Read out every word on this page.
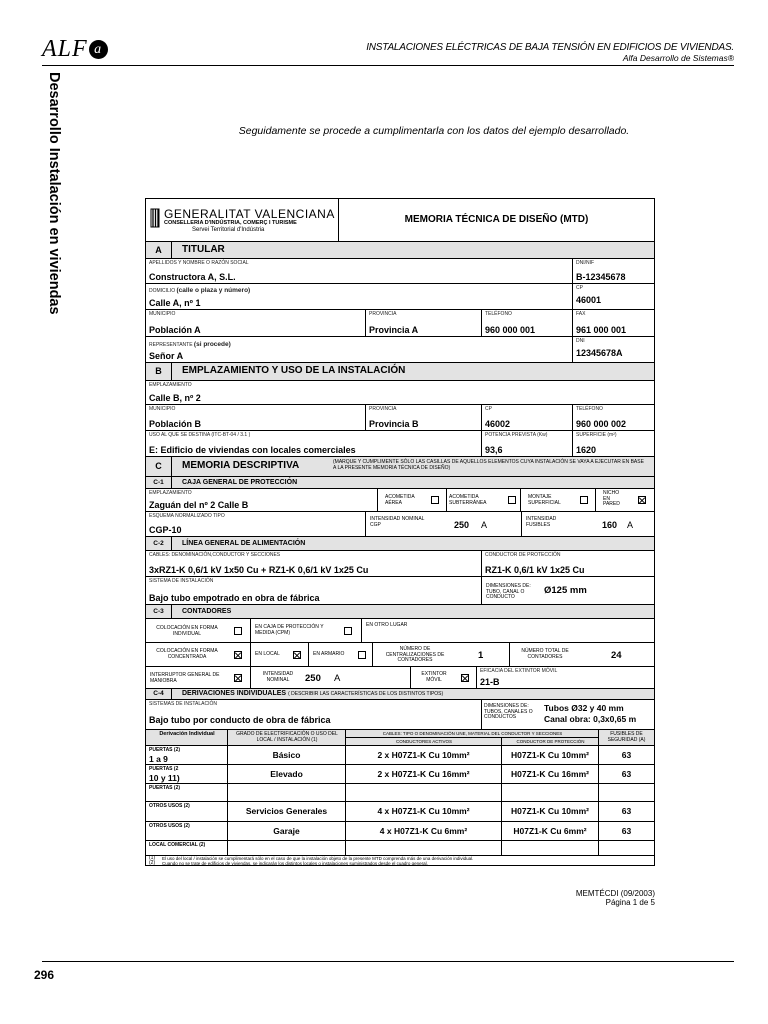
ALF a	INSTALACIONES ELÉCTRICAS DE BAJA TENSIÓN EN EDIFICIOS DE VIVIENDAS.
Alfa Desarrollo de Sistemas®
Desarrollo Instalación en viviendas	Seguidamente se procede a cumplimentarla con los datos del ejemplo desarrollado.
GENERALITAT VALENCIANA
CONSELLERIA D'INDÚSTRIA, COMERÇ I TURISME
Servei Territorial d'Indústria
MEMORIA TÉCNICA DE DISEÑO (MTD)
A	TITULAR
APELLIDOS Y NOMBRE O RAZÓN SOCIAL
Constructora A, S.L.
DNI/NIF
B-12345678
DOMICILIO (calle o plaza y número)
Calle A, nº 1
CP
46001
MUNICIPIO
Población A
PROVINCIA
Provincia A
TELÉFONO
960 000 001
FAX
961 000 001
REPRESENTANTE (si procede)
Señor A
DNI
12345678A
B	EMPLAZAMIENTO Y USO DE LA INSTALACIÓN
EMPLAZAMIENTO
Calle B, nº 2
MUNICIPIO
Población B
PROVINCIA
Provincia B
CP
46002
TELÉFONO
960 000 002
USO AL QUE SE DESTINA (ITC-BT-04 / 3.1 )
E: Edificio de viviendas con locales comerciales
POTENCIA PREVISTA (Kw)
93,6
SUPERFICIE (m²)
1620
C	MEMORIA DESCRIPTIVA	(MARQUE Y CUMPLIMENTE SÓLO LAS CASILLAS DE AQUELLOS ELEMENTOS CUYA INSTALACIÓN SE VAYA A EJECUTAR EN BASE A LA PRESENTE MEMORIA TÉCNICA DE DISEÑO)
C-1	CAJA GENERAL DE PROTECCIÓN
EMPLAZAMIENTO
Zaguán del nº 2 Calle B
ACOMETIDA AÉREA
ACOMETIDA SUBTERRÁNEA
MONTAJE SUPERFICIAL
NICHO EN PARED
ESQUEMA NORMALIZADO TIPO
CGP-10
INTENSIDAD NOMINAL CGP	250 A
INTENSIDAD FUSIBLES	160 A
C-2	LÍNEA GENERAL DE ALIMENTACIÓN
CABLES: DENOMINACIÓN,CONDUCTOR Y SECCIONES
3xRZ1-K 0,6/1 kV 1x50 Cu + RZ1-K 0,6/1 kV 1x25 Cu
CONDUCTOR DE PROTECCIÓN
RZ1-K 0,6/1 kV 1x25 Cu
SISTEMA DE INSTALACIÓN
Bajo tubo empotrado en obra de fábrica
DIMENSIONES DE: TUBO, CANAL O CONDUCTO
Ø125 mm
C-3	CONTADORES
COLOCACIÓN EN FORMA INDIVIDUAL
EN CAJA DE PROTECCIÓN Y MEDIDA (CPM)
EN OTRO LUGAR
COLOCACIÓN EN FORMA CONCENTRADA	EN LOCAL	EN ARMARIO
NÚMERO DE CENTRALIZACIONES DE CONTADORES	1	NÚMERO TOTAL DE CONTADORES	24
INTERRUPTOR GENERAL DE MANIOBRA
INTENSIDAD NOMINAL	250 A	EXTINTOR MÓVIL
EFICACIA DEL EXTINTOR MÓVIL
21-B
C-4	DERIVACIONES INDIVIDUALES ( DESCRIBIR LAS CARACTERÍSTICAS DE LOS DISTINTOS TIPOS)
SISTEMAS DE INSTALACIÓN
Bajo tubo por conducto de obra de fábrica
DIMENSIONES DE: TUBOS, CANALES O CONDUCTOS
Tubos Ø32 y 40 mm
Canal obra: 0,3x0,65 m
Derivación Individual	GRADO DE ELECTRIFICACIÓN O USO DEL LOCAL / INSTALACIÓN (1)
CABLES: TIPO O DENOMINACIÓN UNE, MATERIAL DEL CONDUCTOR Y SECCIONES
CONDUCTORES ACTIVOS	CONDUCTOR DE PROTECCIÓN
FUSIBLES DE SEGURIDAD (A)
PUERTAS (2)
1 a 9	Básico	2 x H07Z1-K Cu 10mm²	H07Z1-K Cu 10mm²	63
PUERTAS (2
10 y 11)	Elevado	2 x H07Z1-K Cu 16mm²	H07Z1-K Cu 16mm²	63
PUERTAS (2)
OTROS USOS (2)	Servicios Generales	4 x H07Z1-K Cu 10mm²	H07Z1-K Cu 10mm²	63
OTROS USOS (2)	Garaje	4 x H07Z1-K Cu 6mm²	H07Z1-K Cu 6mm²	63
LOCAL COMERCIAL (2)
(1) El uso del local / instalación se cumplimentará sólo en el caso de que la instalación objeto de la presente MTD comprenda más de una derivación individual.
(2) Cuando no se trate de edificios de viviendas, se indicarán los distintos locales o instalaciones suministrados desde el cuadro general.
MEMTÉCDI (09/2003)
Página 1 de 5
296
